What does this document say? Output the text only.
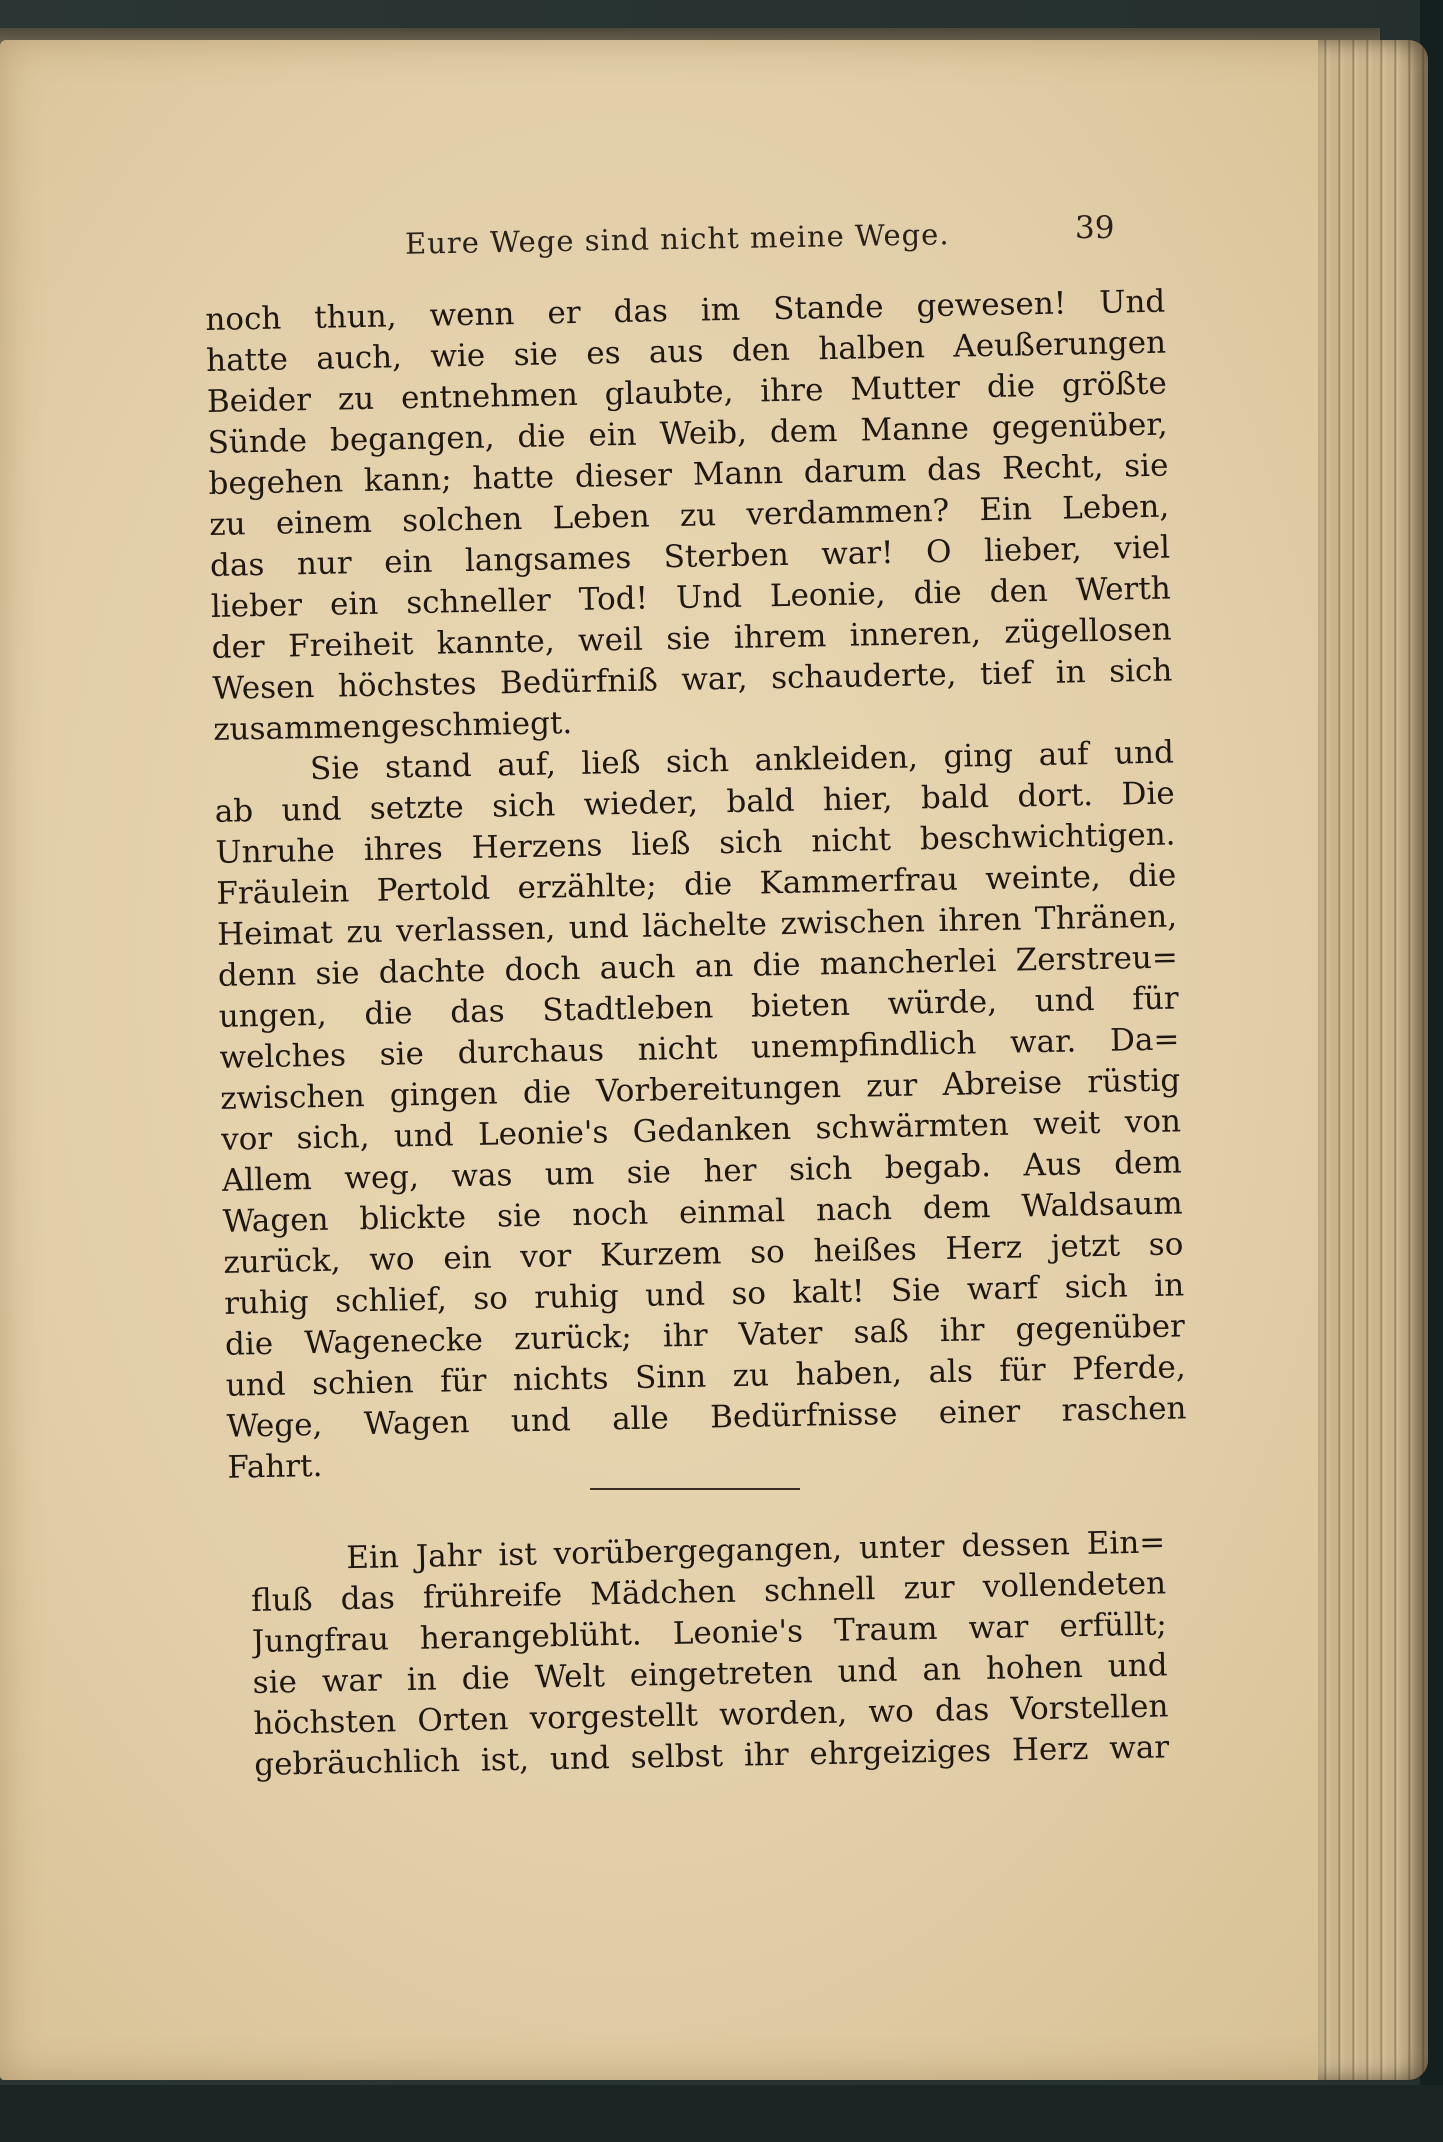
Eure Wege sind nicht meine Wege.	39

noch thun, wenn er das im Stande gewesen! Und
hatte auch, wie sie es aus den halben Aeußerungen
Beider zu entnehmen glaubte, ihre Mutter die größte
Sünde begangen, die ein Weib, dem Manne gegenüber,
begehen kann; hatte dieser Mann darum das Recht, sie
zu einem solchen Leben zu verdammen? Ein Leben,
das nur ein langsames Sterben war! O lieber, viel
lieber ein schneller Tod! Und Leonie, die den Werth
der Freiheit kannte, weil sie ihrem inneren, zügellosen
Wesen höchstes Bedürfniß war, schauderte, tief in sich
zusammengeschmiegt.

Sie stand auf, ließ sich ankleiden, ging auf und
ab und setzte sich wieder, bald hier, bald dort. Die
Unruhe ihres Herzens ließ sich nicht beschwichtigen.
Fräulein Pertold erzählte; die Kammerfrau weinte, die
Heimat zu verlassen, und lächelte zwischen ihren Thränen,
denn sie dachte doch auch an die mancherlei Zerstreu=
ungen, die das Stadtleben bieten würde, und für
welches sie durchaus nicht unempfindlich war. Da=
zwischen gingen die Vorbereitungen zur Abreise rüstig
vor sich, und Leonie's Gedanken schwärmten weit von
Allem weg, was um sie her sich begab. Aus dem
Wagen blickte sie noch einmal nach dem Waldsaum
zurück, wo ein vor Kurzem so heißes Herz jetzt so
ruhig schlief, so ruhig und so kalt! Sie warf sich in
die Wagenecke zurück; ihr Vater saß ihr gegenüber
und schien für nichts Sinn zu haben, als für Pferde,
Wege, Wagen und alle Bedürfnisse einer raschen
Fahrt.

Ein Jahr ist vorübergegangen, unter dessen Ein=
fluß das frühreife Mädchen schnell zur vollendeten
Jungfrau herangeblüht. Leonie's Traum war erfüllt;
sie war in die Welt eingetreten und an hohen und
höchsten Orten vorgestellt worden, wo das Vorstellen
gebräuchlich ist, und selbst ihr ehrgeiziges Herz war
